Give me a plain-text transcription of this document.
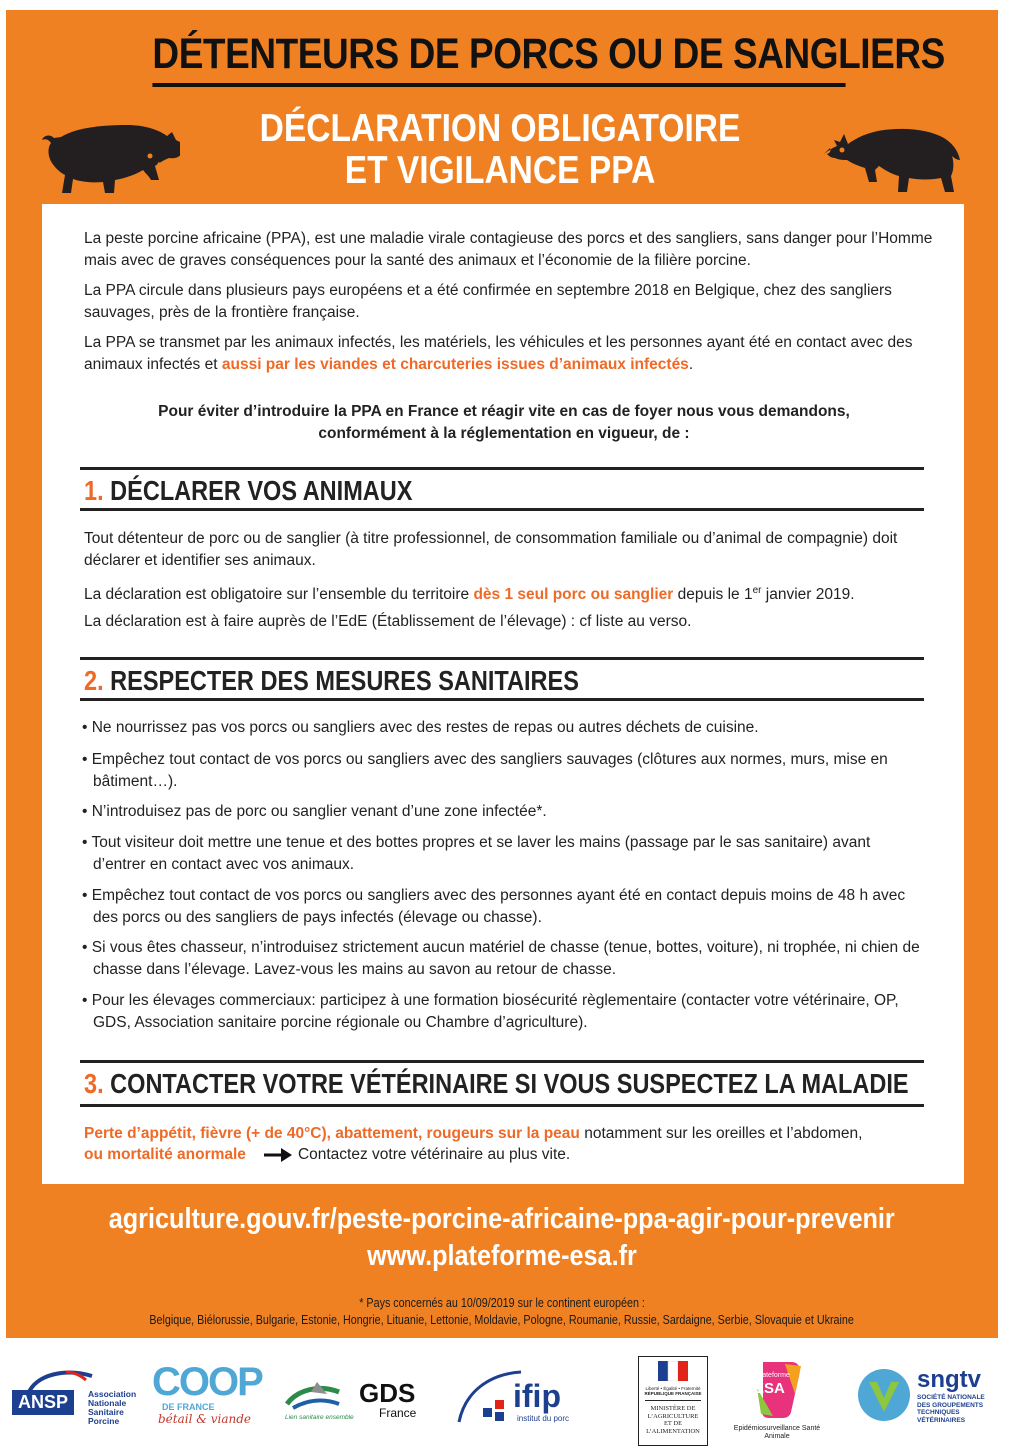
DÉTENTEURS DE PORCS OU DE SANGLIERS
DÉCLARATION OBLIGATOIRE
ET VIGILANCE PPA

La peste porcine africaine (PPA), est une maladie virale contagieuse des porcs et des sangliers, sans danger pour l’Homme mais avec de graves conséquences pour la santé des animaux et l’économie de la filière porcine.

La PPA circule dans plusieurs pays européens et a été confirmée en septembre 2018 en Belgique, chez des sangliers sauvages, près de la frontière française.

La PPA se transmet par les animaux infectés, les matériels, les véhicules et les personnes ayant été en contact avec des animaux infectés et aussi par les viandes et charcuteries issues d’animaux infectés.

Pour éviter d’introduire la PPA en France et réagir vite en cas de foyer nous vous demandons,
conformément à la réglementation en vigueur, de :
1. DÉCLARER VOS ANIMAUX

Tout détenteur de porc ou de sanglier (à titre professionnel, de consommation familiale ou d’animal de compagnie) doit déclarer et identifier ses animaux.

La déclaration est obligatoire sur l’ensemble du territoire dès 1 seul porc ou sanglier depuis le 1er janvier 2019.

La déclaration est à faire auprès de l’EdE (Établissement de l’élevage) : cf liste au verso.

2. RESPECTER DES MESURES SANITAIRES

• Ne nourrissez pas vos porcs ou sangliers avec des restes de repas ou autres déchets de cuisine.

• Empêchez tout contact de vos porcs ou sangliers avec des sangliers sauvages (clôtures aux normes, murs, mise en bâtiment…).

• N’introduisez pas de porc ou sanglier venant d’une zone infectée*.

• Tout visiteur doit mettre une tenue et des bottes propres et se laver les mains (passage par le sas sanitaire) avant d’entrer en contact avec vos animaux.

• Empêchez tout contact de vos porcs ou sangliers avec des personnes ayant été en contact depuis moins de 48 h avec des porcs ou des sangliers de pays infectés (élevage ou chasse).

• Si vous êtes chasseur, n’introduisez strictement aucun matériel de chasse (tenue, bottes, voiture), ni trophée, ni chien de chasse dans l’élevage. Lavez-vous les mains au savon au retour de chasse.

• Pour les élevages commerciaux: participez à une formation biosécurité règlementaire (contacter votre vétérinaire, OP, GDS, Association sanitaire porcine régionale ou Chambre d’agriculture).

3. CONTACTER VOTRE VÉTÉRINAIRE SI VOUS SUSPECTEZ LA MALADIE

Perte d’appétit, fièvre (+ de 40°C), abattement, rougeurs sur la peau notamment sur les oreilles et l’abdomen,

ou mortalité anormale	Contactez votre vétérinaire au plus vite.

agriculture.gouv.fr/peste-porcine-africaine-ppa-agir-pour-prevenir
www.plateforme-esa.fr
* Pays concernés au 10/09/2019 sur le continent européen :
Belgique, Biélorussie, Bulgarie, Estonie, Hongrie, Lituanie, Lettonie, Moldavie, Pologne, Roumanie, Russie, Sardaigne, Serbie, Slovaquie et Ukraine
ANSP	Association Nationale Sanitaire Porcine
COOP
DE FRANCE
bétail & viande
GDS
France
Lien sanitaire ensemble
ifip
institut du porc
Liberté • Égalité • Fraternité
RÉPUBLIQUE FRANÇAISE
MINISTÈRE DE L’AGRICULTURE ET DE L’ALIMENTATION
Plateforme
ESA
Epidémiosurveillance Santé Animale
sngtv
SOCIÉTÉ NATIONALE DES GROUPEMENTS TECHNIQUES VÉTÉRINAIRES
